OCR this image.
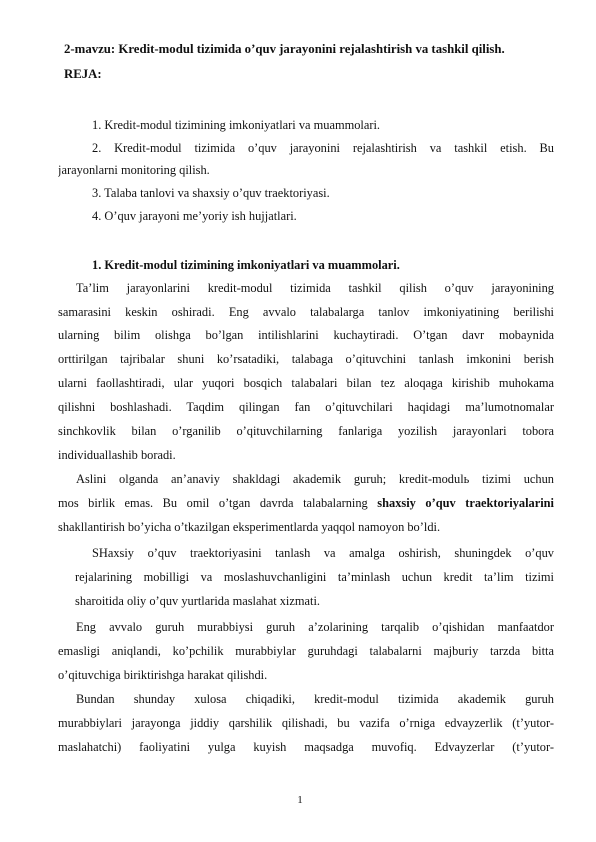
2-mavzu: Kredit-modul tizimida o’quv jarayonini rejalashtirish va tashkil qilish.
REJA:
1. Kredit-modul tizimining imkoniyatlari va muammolari.
2. Kredit-modul tizimida o’quv jarayonini rejalashtirish va tashkil etish. Bu
jarayonlarni monitoring qilish.
3. Talaba tanlovi va shaxsiy o’quv traektoriyasi.
4. O’quv jarayoni me’yoriy ish hujjatlari.
1. Kredit-modul tizimining imkoniyatlari va muammolari.
Ta’lim jarayonlarini kredit-modul tizimida tashkil qilish o’quv jarayonining
samarasini keskin oshiradi. Eng avvalo talabalarga tanlov imkoniyatining berilishi
ularning bilim olishga bo’lgan intilishlarini kuchaytiradi. O’tgan davr mobaynida
orttirilgan tajribalar shuni ko’rsatadiki, talabaga o’qituvchini tanlash imkonini berish
ularni faollashtiradi, ular yuqori bosqich talabalari bilan tez aloqaga kirishib muhokama
qilishni boshlashadi. Taqdim qilingan fan o’qituvchilari haqidagi ma’lumotnomalar
sinchkovlik bilan o’rganilib o’qituvchilarning fanlariga yozilish jarayonlari tobora
individuallashib boradi.
Aslini olganda an’anaviy shakldagi akademik guruh; kredit-modulь tizimi uchun
mos birlik emas. Bu omil o’tgan davrda talabalarning shaxsiy o’quv traektoriyalarini
shakllantirish bo’yicha o’tkazilgan eksperimentlarda yaqqol namoyon bo’ldi.
SHaxsiy o’quv traektoriyasini tanlash va amalga oshirish, shuningdek o’quv
rejalarining mobilligi va moslashuvchanligini ta’minlash uchun kredit ta’lim tizimi
sharoitida oliy o’quv yurtlarida maslahat xizmati.
Eng avvalo guruh murabbiysi guruh a’zolarining tarqalib o’qishidan manfaatdor
emasligi aniqlandi, ko’pchilik murabbiylar guruhdagi talabalarni majburiy tarzda bitta
o’qituvchiga biriktirishga harakat qilishdi.
Bundan shunday xulosa chiqadiki, kredit-modul tizimida akademik guruh
murabbiylari jarayonga jiddiy qarshilik qilishadi, bu vazifa o’rniga edvayzerlik (t’yutor-
maslahatchi) faoliyatini yulga kuyish maqsadga muvofiq. Edvayzerlar (t’yutor-
1
